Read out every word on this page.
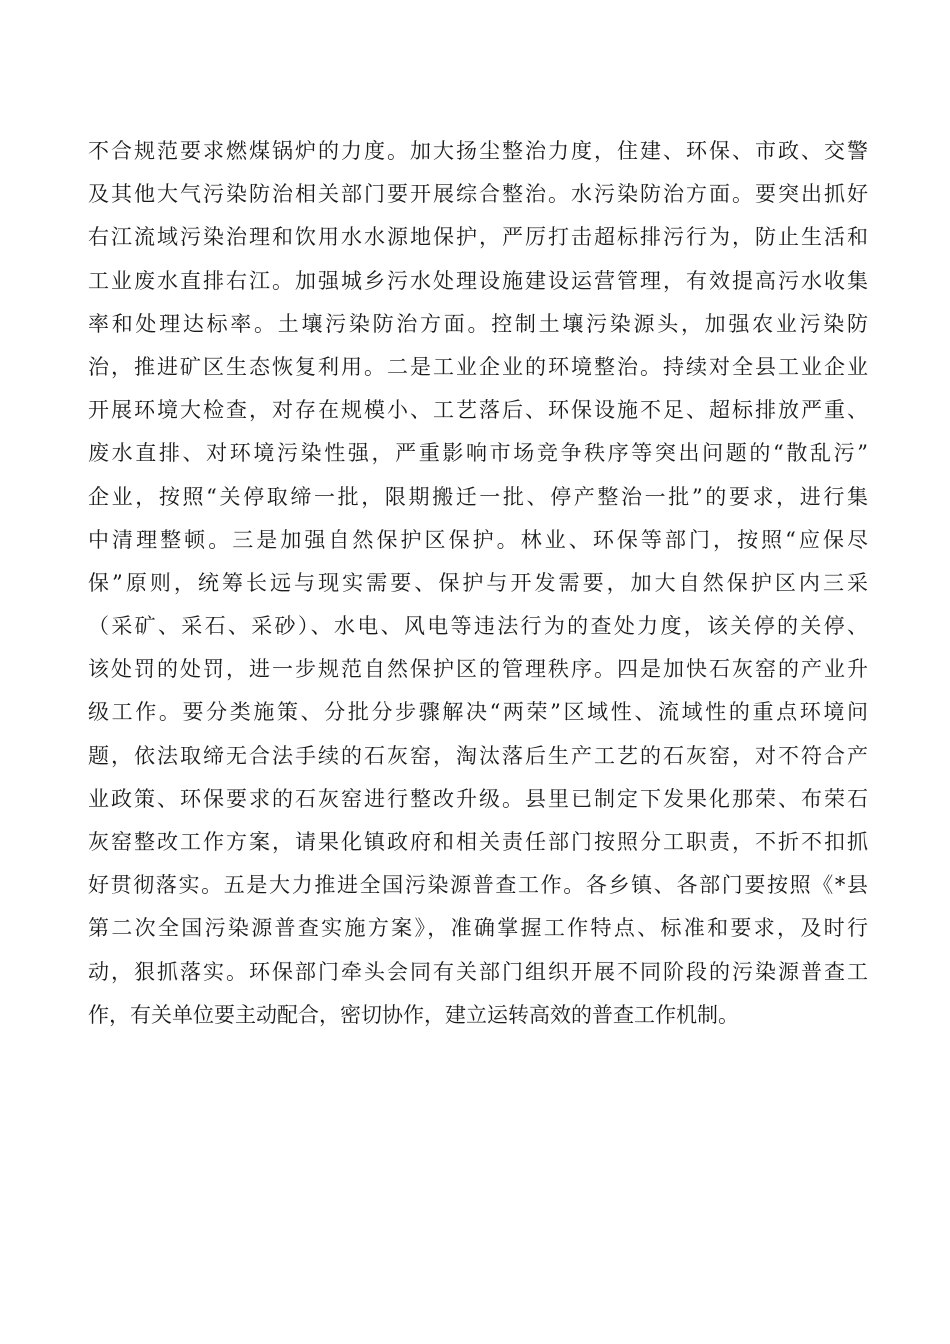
不合规范要求燃煤锅炉的力度。加大扬尘整治力度，住建、环保、市政、交警
及其他大气污染防治相关部门要开展综合整治。水污染防治方面。要突出抓好
右江流域污染治理和饮用水水源地保护，严厉打击超标排污行为，防止生活和
工业废水直排右江。加强城乡污水处理设施建设运营管理，有效提高污水收集
率和处理达标率。土壤污染防治方面。控制土壤污染源头，加强农业污染防
治，推进矿区生态恢复利用。二是工业企业的环境整治。持续对全县工业企业
开展环境大检查，对存在规模小、工艺落后、环保设施不足、超标排放严重、
废水直排、对环境污染性强，严重影响市场竞争秩序等突出问题的“散乱污”
企业，按照“关停取缔一批，限期搬迁一批、停产整治一批”的要求，进行集
中清理整顿。三是加强自然保护区保护。林业、环保等部门，按照“应保尽
保”原则，统筹长远与现实需要、保护与开发需要，加大自然保护区内三采
（采矿、采石、采砂）、水电、风电等违法行为的查处力度，该关停的关停、
该处罚的处罚，进一步规范自然保护区的管理秩序。四是加快石灰窑的产业升
级工作。要分类施策、分批分步骤解决“两荣”区域性、流域性的重点环境问
题，依法取缔无合法手续的石灰窑，淘汰落后生产工艺的石灰窑，对不符合产
业政策、环保要求的石灰窑进行整改升级。县里已制定下发果化那荣、布荣石
灰窑整改工作方案，请果化镇政府和相关责任部门按照分工职责，不折不扣抓
好贯彻落实。五是大力推进全国污染源普查工作。各乡镇、各部门要按照《*县
第二次全国污染源普查实施方案》，准确掌握工作特点、标准和要求，及时行
动，狠抓落实。环保部门牵头会同有关部门组织开展不同阶段的污染源普查工
作，有关单位要主动配合，密切协作，建立运转高效的普查工作机制。
